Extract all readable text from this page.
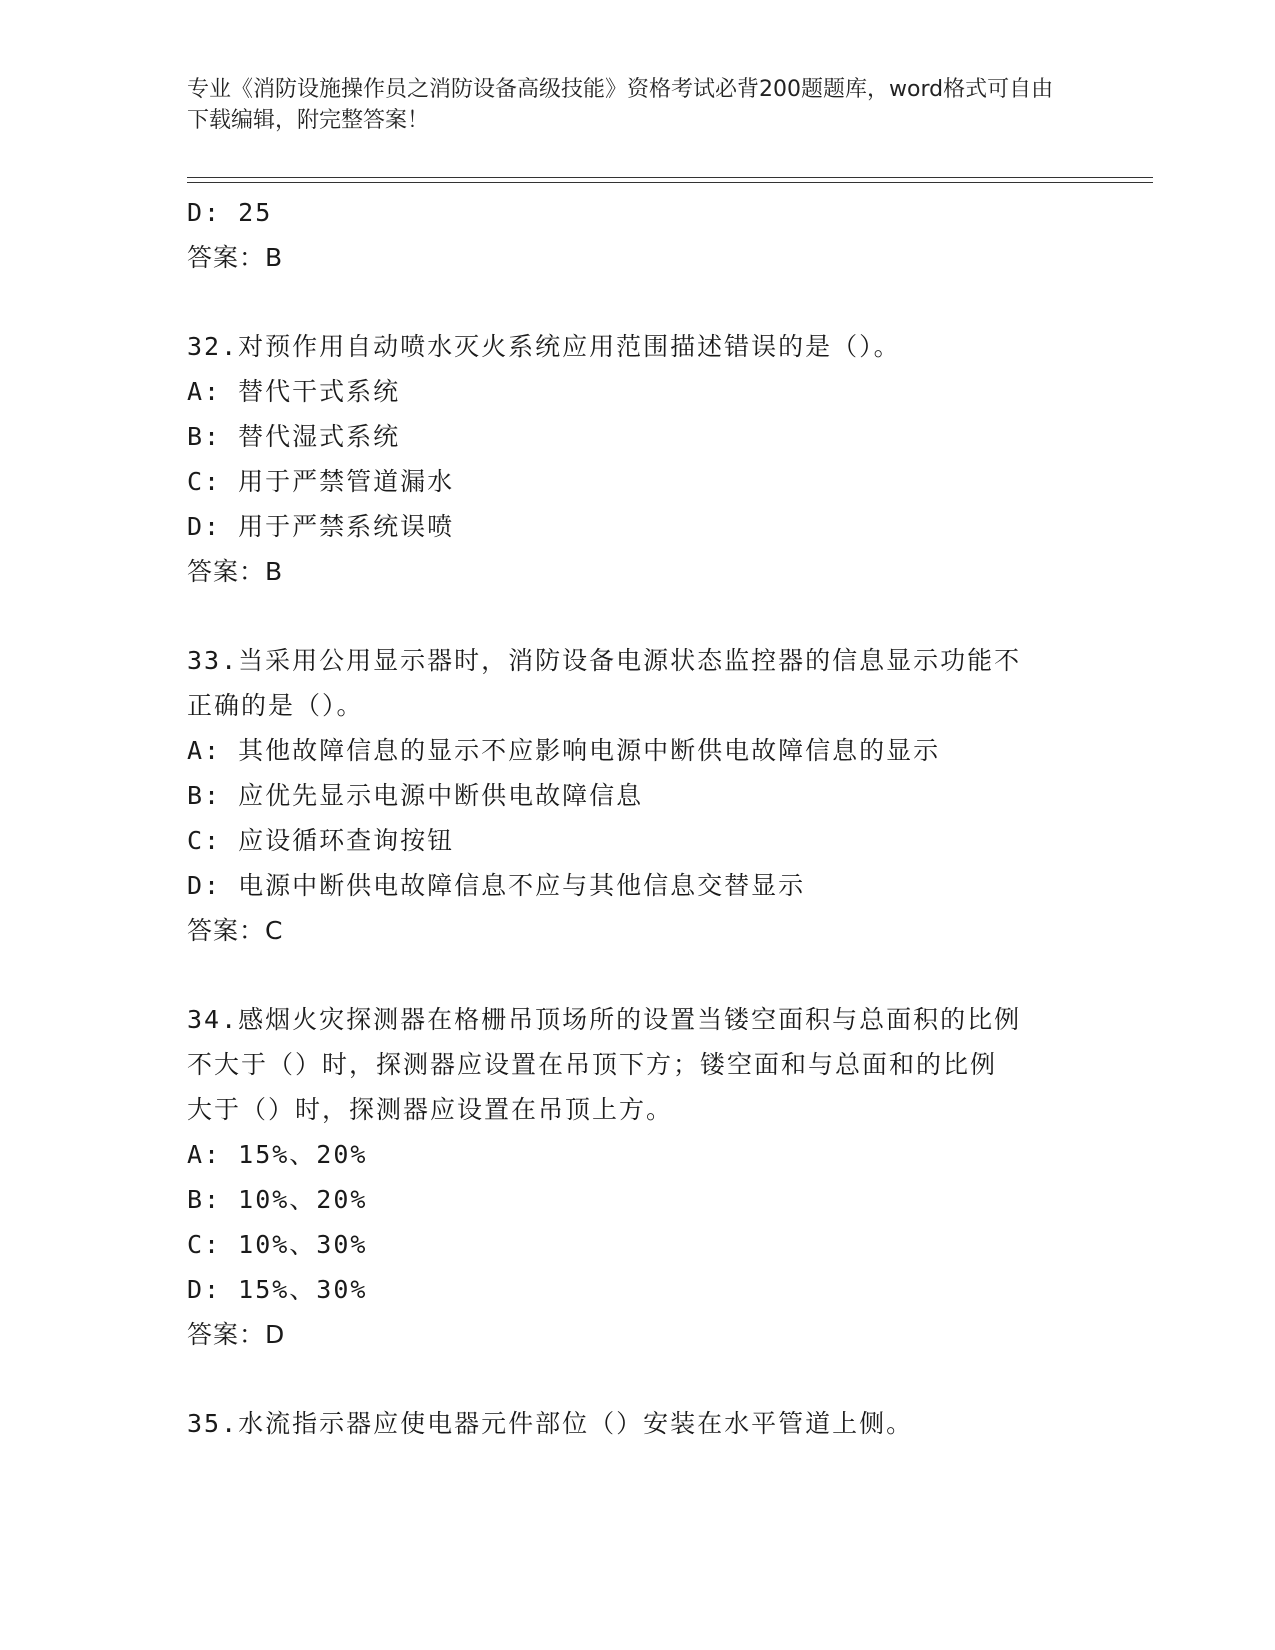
专业《消防设施操作员之消防设备高级技能》资格考试必背200题题库，word格式可自由下载编辑，附完整答案！
D: 25
答案：B
32.对预作用自动喷水灭火系统应用范围描述错误的是（）。
A: 替代干式系统
B: 替代湿式系统
C: 用于严禁管道漏水
D: 用于严禁系统误喷
答案：B
33.当采用公用显示器时，消防设备电源状态监控器的信息显示功能不
正确的是（）。
A: 其他故障信息的显示不应影响电源中断供电故障信息的显示
B: 应优先显示电源中断供电故障信息
C: 应设循环查询按钮
D: 电源中断供电故障信息不应与其他信息交替显示
答案：C
34.感烟火灾探测器在格栅吊顶场所的设置当镂空面积与总面积的比例
不大于（）时，探测器应设置在吊顶下方；镂空面和与总面和的比例
大于（）时，探测器应设置在吊顶上方。
A: 15%、20%
B: 10%、20%
C: 10%、30%
D: 15%、30%
答案：D
35.水流指示器应使电器元件部位（）安装在水平管道上侧。
